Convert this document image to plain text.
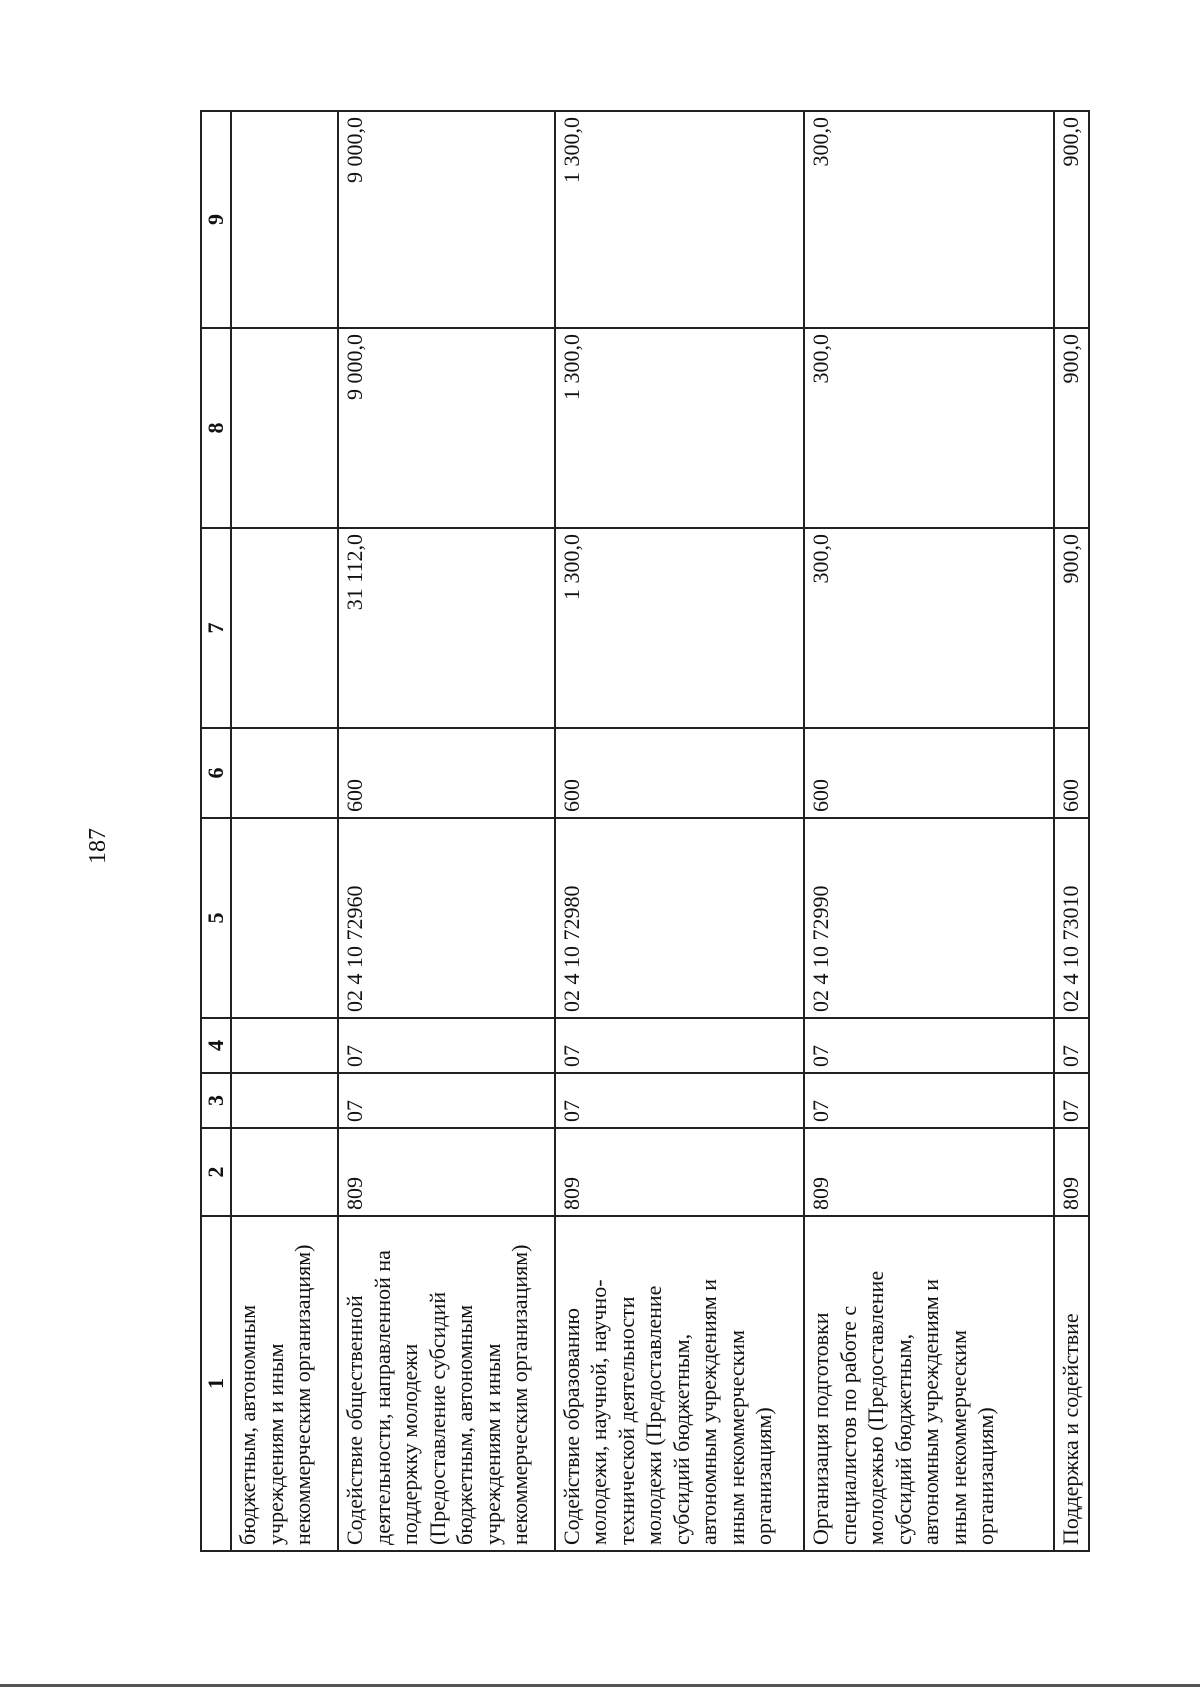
187
1	2	3	4	5	6	7	8	9
бюджетным, автономным учреждениям и иным некоммерческим организациям)								
Содействие общественной деятельности, направленной на поддержку молодежи (Предоставление субсидий бюджетным, автономным учреждениям и иным некоммерческим организациям)	809	07	07	02 4 10 72960	600	31 112,0	9 000,0	9 000,0
Содействие образованию молодежи, научной, научно-технической деятельности молодежи (Предоставление субсидий бюджетным, автономным учреждениям и иным некоммерческим организациям)	809	07	07	02 4 10 72980	600	1 300,0	1 300,0	1 300,0
Организация подготовки специалистов по работе с молодежью (Предоставление субсидий бюджетным, автономным учреждениям и иным некоммерческим организациям)	809	07	07	02 4 10 72990	600	300,0	300,0	300,0
Поддержка и содействие	809	07	07	02 4 10 73010	600	900,0	900,0	900,0
